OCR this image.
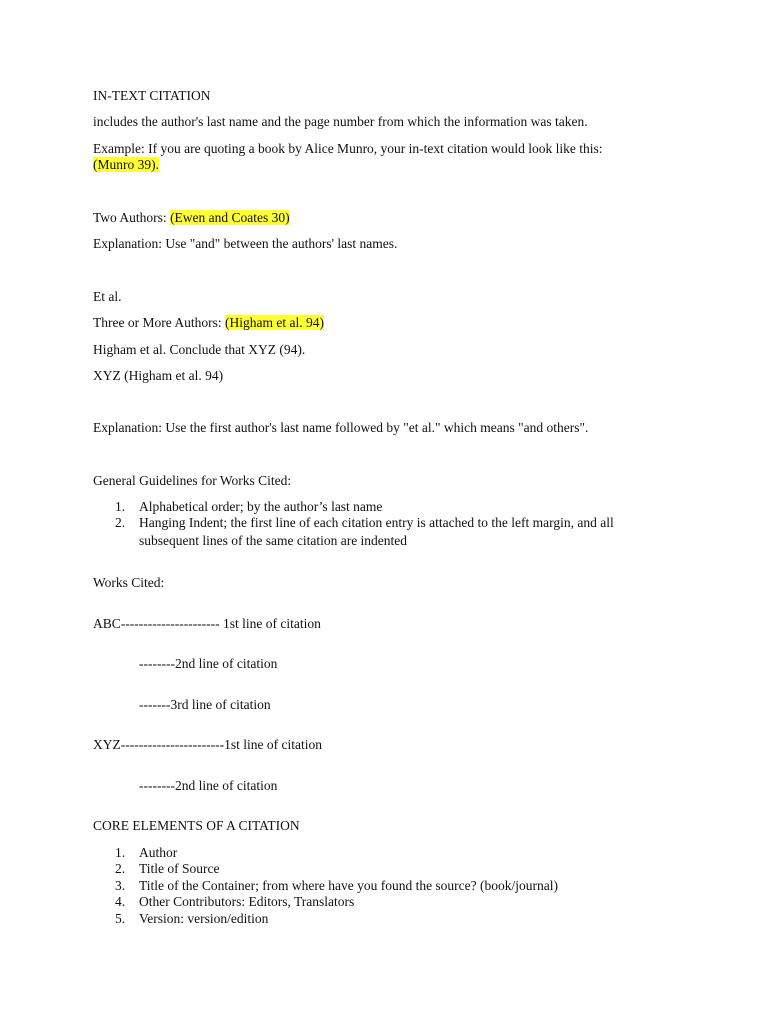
IN-TEXT CITATION
includes the author's last name and the page number from which the information was taken.
Example: If you are quoting a book by Alice Munro, your in-text citation would look like this:
(Munro 39).
Two Authors: (Ewen and Coates 30)
Explanation: Use "and" between the authors' last names.
Et al.
Three or More Authors: (Higham et al. 94)
Higham et al. Conclude that XYZ (94).
XYZ (Higham et al. 94)
Explanation: Use the first author's last name followed by "et al." which means "and others".
General Guidelines for Works Cited:
1. Alphabetical order; by the author’s last name
2. Hanging Indent; the first line of each citation entry is attached to the left margin, and all
subsequent lines of the same citation are indented
Works Cited:
ABC---------------------- 1st line of citation
--------2nd line of citation
-------3rd line of citation
XYZ-----------------------1st line of citation
--------2nd line of citation
CORE ELEMENTS OF A CITATION
1. Author
2. Title of Source
3. Title of the Container; from where have you found the source? (book/journal)
4. Other Contributors: Editors, Translators
5. Version: version/edition
